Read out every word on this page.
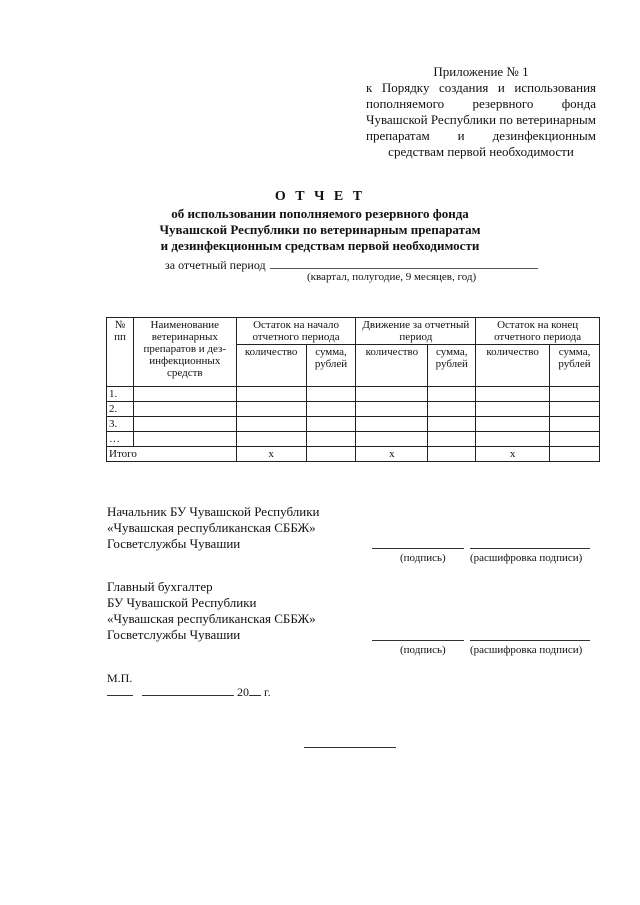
Приложение № 1
к Порядку создания и использования пополняемого резервного фонда Чувашской Республики по ветеринарным препаратам и дезинфекционным средствам первой необходимости
О Т Ч Е Т
об использовании пополняемого резервного фонда
Чувашской Республики по ветеринарным препаратам
и дезинфекционным средствам первой необходимости
за отчетный период
(квартал, полугодие, 9 месяцев, год)
№ пп	Наименование ветеринарных препаратов и дез-инфекционных средств	Остаток на начало отчетного периода		Движение за отчетный период		Остаток на конец отчетного периода	
		количество	сумма, рублей	количество	сумма, рублей	количество	сумма, рублей
1.							
2.							
3.							
…							
Итого		х		х		х	
Начальник БУ Чувашской Республики
«Чувашская республиканская СББЖ»
Госветслужбы Чувашии
(подпись) (расшифровка подписи)
Главный бухгалтер
БУ Чувашской Республики
«Чувашская республиканская СББЖ»
Госветслужбы Чувашии
(подпись) (расшифровка подписи)
М.П.
20 г.
